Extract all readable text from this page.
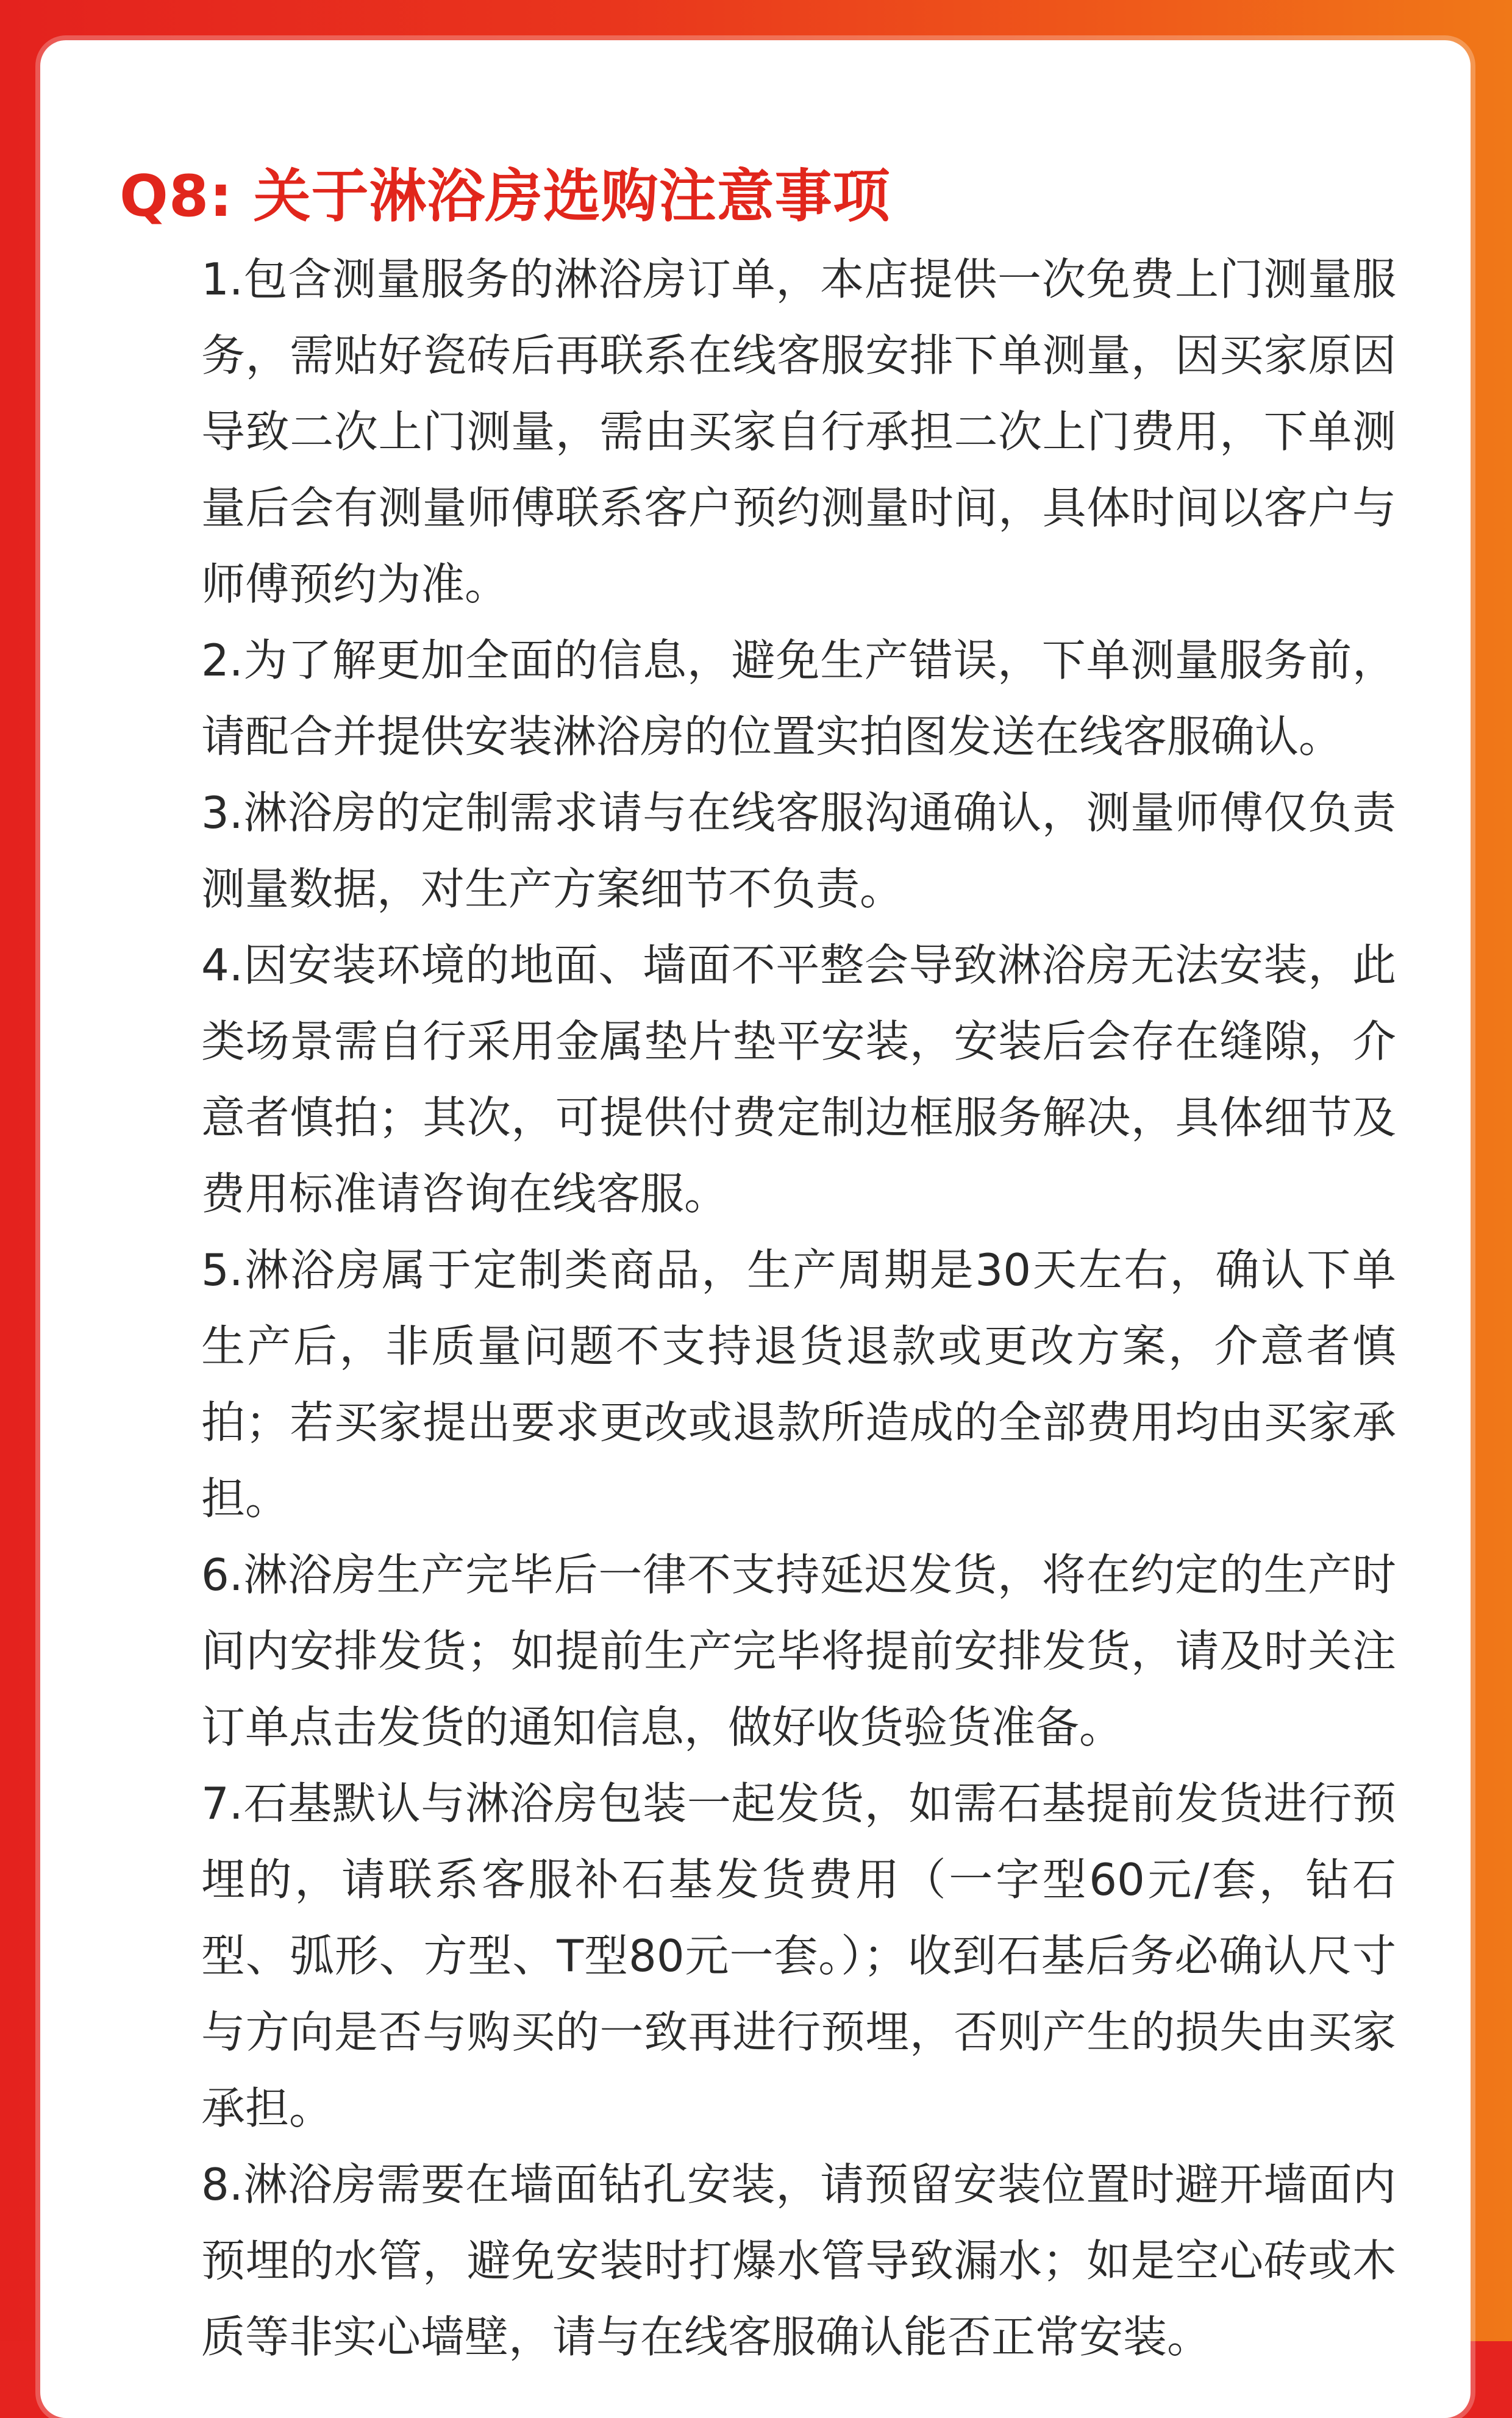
Q8: 关于淋浴房选购注意事项
1.包含测量服务的淋浴房订单，本店提供一次免费上门测量服务，需贴好瓷砖后再联系在线客服安排下单测量，因买家原因导致二次上门测量，需由买家自行承担二次上门费用，下单测量后会有测量师傅联系客户预约测量时间，具体时间以客户与师傅预约为准。
2.为了解更加全面的信息，避免生产错误，下单测量服务前，请配合并提供安装淋浴房的位置实拍图发送在线客服确认。
3.淋浴房的定制需求请与在线客服沟通确认，测量师傅仅负责测量数据，对生产方案细节不负责。
4.因安装环境的地面、墙面不平整会导致淋浴房无法安装，此类场景需自行采用金属垫片垫平安装，安装后会存在缝隙，介意者慎拍；其次，可提供付费定制边框服务解决，具体细节及费用标准请咨询在线客服。
5.淋浴房属于定制类商品，生产周期是30天左右，确认下单生产后，非质量问题不支持退货退款或更改方案，介意者慎拍；若买家提出要求更改或退款所造成的全部费用均由买家承担。
6.淋浴房生产完毕后一律不支持延迟发货，将在约定的生产时间内安排发货；如提前生产完毕将提前安排发货，请及时关注订单点击发货的通知信息，做好收货验货准备。
7.石基默认与淋浴房包装一起发货，如需石基提前发货进行预埋的，请联系客服补石基发货费用（一字型60元/套，钻石型、弧形、方型、T型80元一套。）；收到石基后务必确认尺寸与方向是否与购买的一致再进行预埋，否则产生的损失由买家承担。
8.淋浴房需要在墙面钻孔安装，请预留安装位置时避开墙面内预埋的水管，避免安装时打爆水管导致漏水；如是空心砖或木质等非实心墙壁，请与在线客服确认能否正常安装。
